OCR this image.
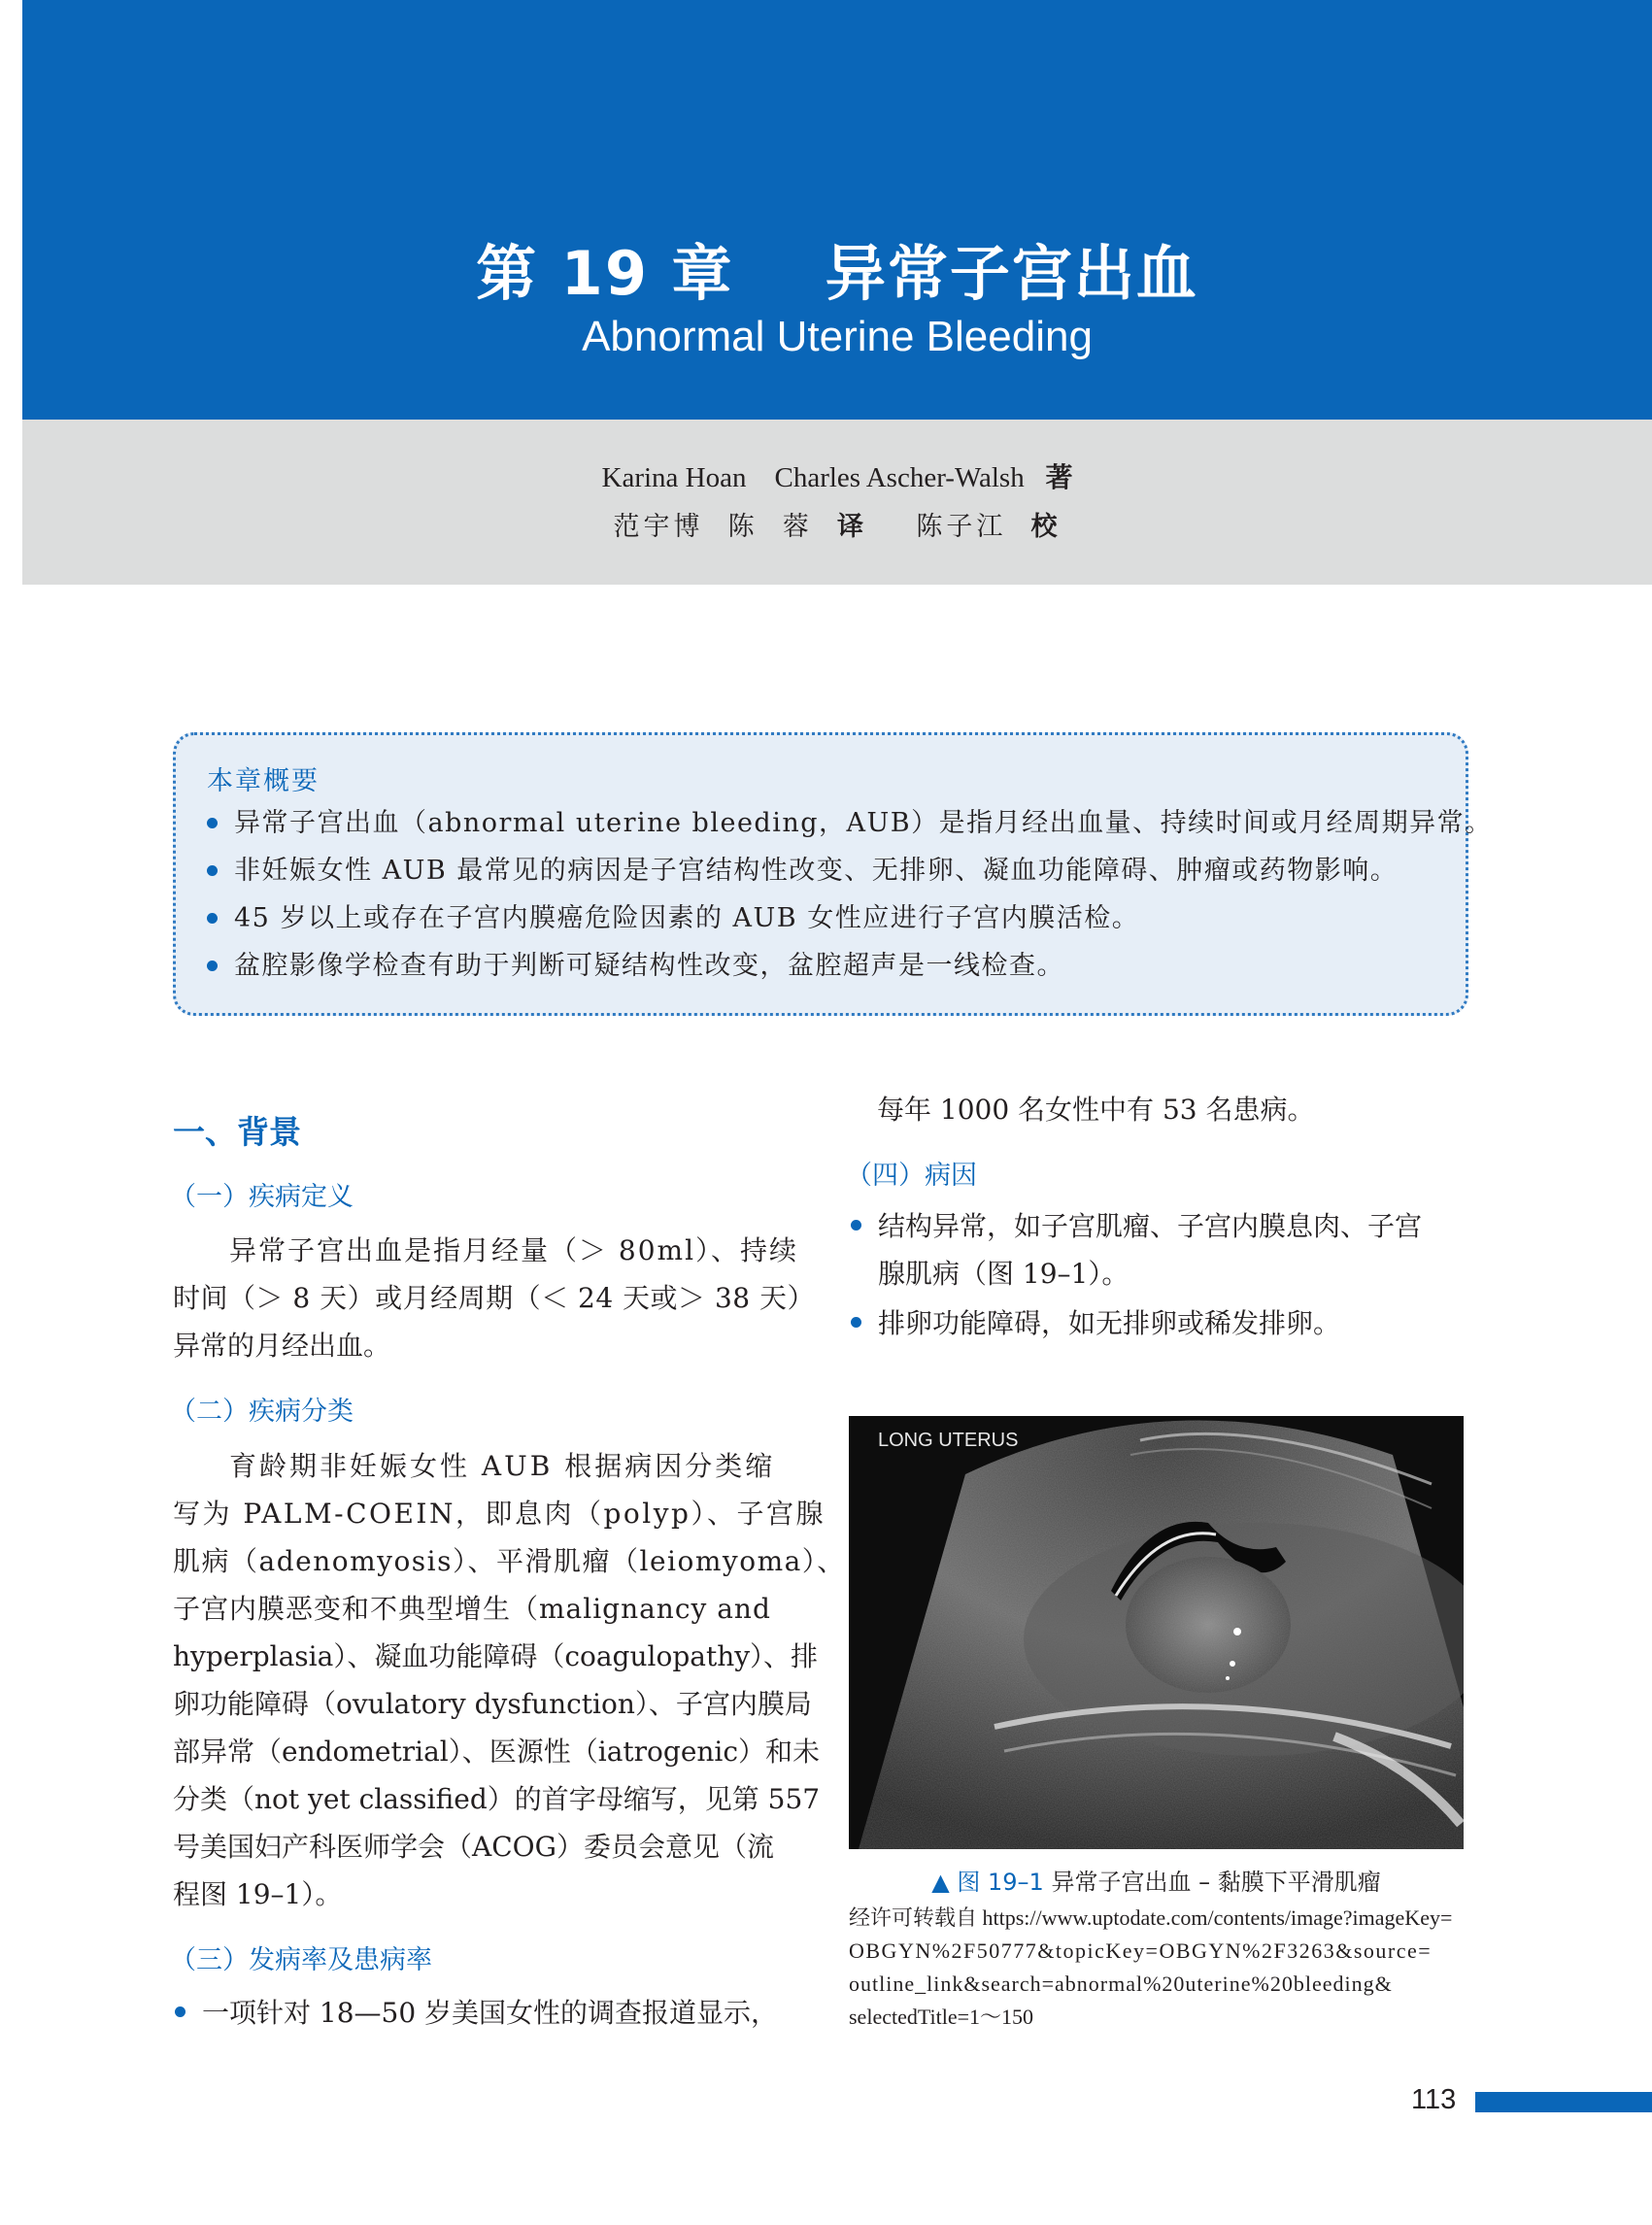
第 19 章    异常子宫出血
Abnormal Uterine Bleeding
Karina Hoan    Charles Ascher-Walsh 著
范宇博  陈  蓉 译 陈子江 校
本章概要
异常子宫出血（abnormal uterine bleeding，AUB）是指月经出血量、持续时间或月经周期异常。
非妊娠女性 AUB 最常见的病因是子宫结构性改变、无排卵、凝血功能障碍、肿瘤或药物影响。
45 岁以上或存在子宫内膜癌危险因素的 AUB 女性应进行子宫内膜活检。
盆腔影像学检查有助于判断可疑结构性改变，盆腔超声是一线检查。
一、背景
（一）疾病定义
异常子宫出血是指月经量（＞ 80ml）、持续
时间（＞ 8 天）或月经周期（＜ 24 天或＞ 38 天）
异常的月经出血。
（二）疾病分类
育龄期非妊娠女性 AUB 根据病因分类缩
写为 PALM-COEIN，即息肉（polyp）、子宫腺
肌病（adenomyosis）、平滑肌瘤（leiomyoma）、
子宫内膜恶变和不典型增生（malignancy and
hyperplasia）、凝血功能障碍（coagulopathy）、排
卵功能障碍（ovulatory dysfunction）、子宫内膜局
部异常（endometrial）、医源性（iatrogenic）和未
分类（not yet classified）的首字母缩写，见第 557
号美国妇产科医师学会（ACOG）委员会意见（流
程图 19–1）。
（三）发病率及患病率
一项针对 18—50 岁美国女性的调查报道显示，
每年 1000 名女性中有 53 名患病。
（四）病因
结构异常，如子宫肌瘤、子宫内膜息肉、子宫
腺肌病（图 19–1）。
排卵功能障碍，如无排卵或稀发排卵。
LONG UTERUS
▲ 图 19–1 异常子宫出血 – 黏膜下平滑肌瘤
经许可转载自 https://www.uptodate.com/contents/image?imageKey=
OBGYN%2F50777&topicKey=OBGYN%2F3263&source=
outline_link&search=abnormal%20uterine%20bleeding&
selectedTitle=1～150
113
